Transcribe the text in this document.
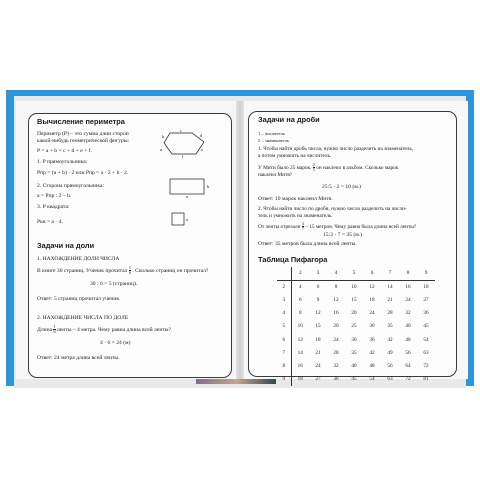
Вычисление периметра
Периметр (Р) – это сумма длин сторон
какой-нибудь геометрической фигуры:
P = a + b + c + d + e + f.
1. Р прямоугольника:
Pпр = (a + b) · 2 или Pпр = a · 2 + b · 2.
2. Сторона прямоугольника:
a = Pпр : 2 – b.
3. Р квадрата:
Pкв = a · 4.
c
d
e
f
a
b
a
b
a
Задачи на доли
1. НАХОЖДЕНИЕ ДОЛИ ЧИСЛА
В книге 30 страниц. Ученик прочитал $\frac{1}{6}$ . Сколько страниц он прочитал?
30 : 6 = 5 (страниц).
Ответ: 5 страниц прочитал ученик.
2. НАХОЖДЕНИЕ ЧИСЛА ПО ДОЛЕ
Длина $\frac{1}{6}$ ленты – 4 метра. Чему равна длина всей ленты?
4 · 6 = 24 (м)
Ответ: 24 метра длина всей ленты.
Задачи на дроби
1 – числитель
5 – знаменатель
1. Чтобы найти дробь числа, нужно число разделить на знаменатель,
а потом умножить на числитель.
У Мити было 25 марок. $\frac{2}{5}$ он наклеил в альбом. Сколько марок
наклеил Митя?
25:5 · 2 = 10 (м.)
Ответ: 10 марок наклеил Митя.
2. Чтобы найти число по дроби, нужно число разделить на числи-
тель и умножить на знаменатель.
От ленты отрезали $\frac{3}{7} - 15$ метров. Чему равна была длина всей ленты?
15:3 · 7 = 35 (м.)
Ответ: 35 метров была длина всей ленты.
Таблица Пифагора
	2	3	4	5	6	7	8	9
2	4	6	8	10	12	14	16	18
3	6	9	12	15	18	21	24	27
4	8	12	16	20	24	28	32	36
5	10	15	20	25	30	35	40	45
6	12	18	24	30	36	42	48	54
7	14	21	28	35	42	49	56	63
8	16	24	32	40	48	56	64	72
9	18	27	36	45	54	63	72	81
